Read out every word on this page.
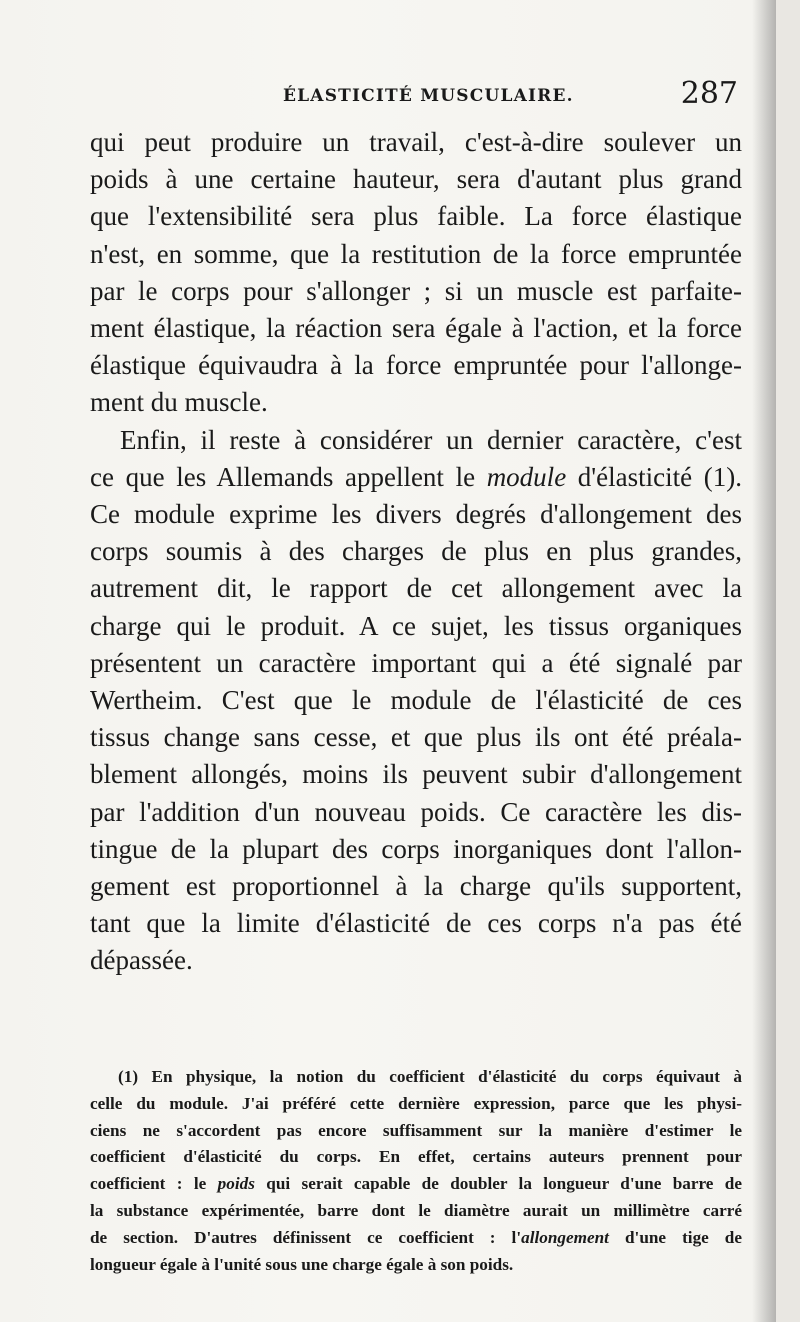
ÉLASTICITÉ MUSCULAIRE.	287

qui peut produire un travail, c'est-à-dire soulever un
poids à une certaine hauteur, sera d'autant plus grand
que l'extensibilité sera plus faible. La force élastique
n'est, en somme, que la restitution de la force empruntée
par le corps pour s'allonger ; si un muscle est parfaite-
ment élastique, la réaction sera égale à l'action, et la force
élastique équivaudra à la force empruntée pour l'allonge-
ment du muscle.

Enfin, il reste à considérer un dernier caractère, c'est
ce que les Allemands appellent le module d'élasticité (1).
Ce module exprime les divers degrés d'allongement des
corps soumis à des charges de plus en plus grandes,
autrement dit, le rapport de cet allongement avec la
charge qui le produit. A ce sujet, les tissus organiques
présentent un caractère important qui a été signalé par
Wertheim. C'est que le module de l'élasticité de ces
tissus change sans cesse, et que plus ils ont été préala-
blement allongés, moins ils peuvent subir d'allongement
par l'addition d'un nouveau poids. Ce caractère les dis-
tingue de la plupart des corps inorganiques dont l'allon-
gement est proportionnel à la charge qu'ils supportent,
tant que la limite d'élasticité de ces corps n'a pas été
dépassée.

(1) En physique, la notion du coefficient d'élasticité du corps équivaut à
celle du module. J'ai préféré cette dernière expression, parce que les physi-
ciens ne s'accordent pas encore suffisamment sur la manière d'estimer le
coefficient d'élasticité du corps. En effet, certains auteurs prennent pour
coefficient : le poids qui serait capable de doubler la longueur d'une barre de
la substance expérimentée, barre dont le diamètre aurait un millimètre carré
de section. D'autres définissent ce coefficient : l'allongement d'une tige de
longueur égale à l'unité sous une charge égale à son poids.
